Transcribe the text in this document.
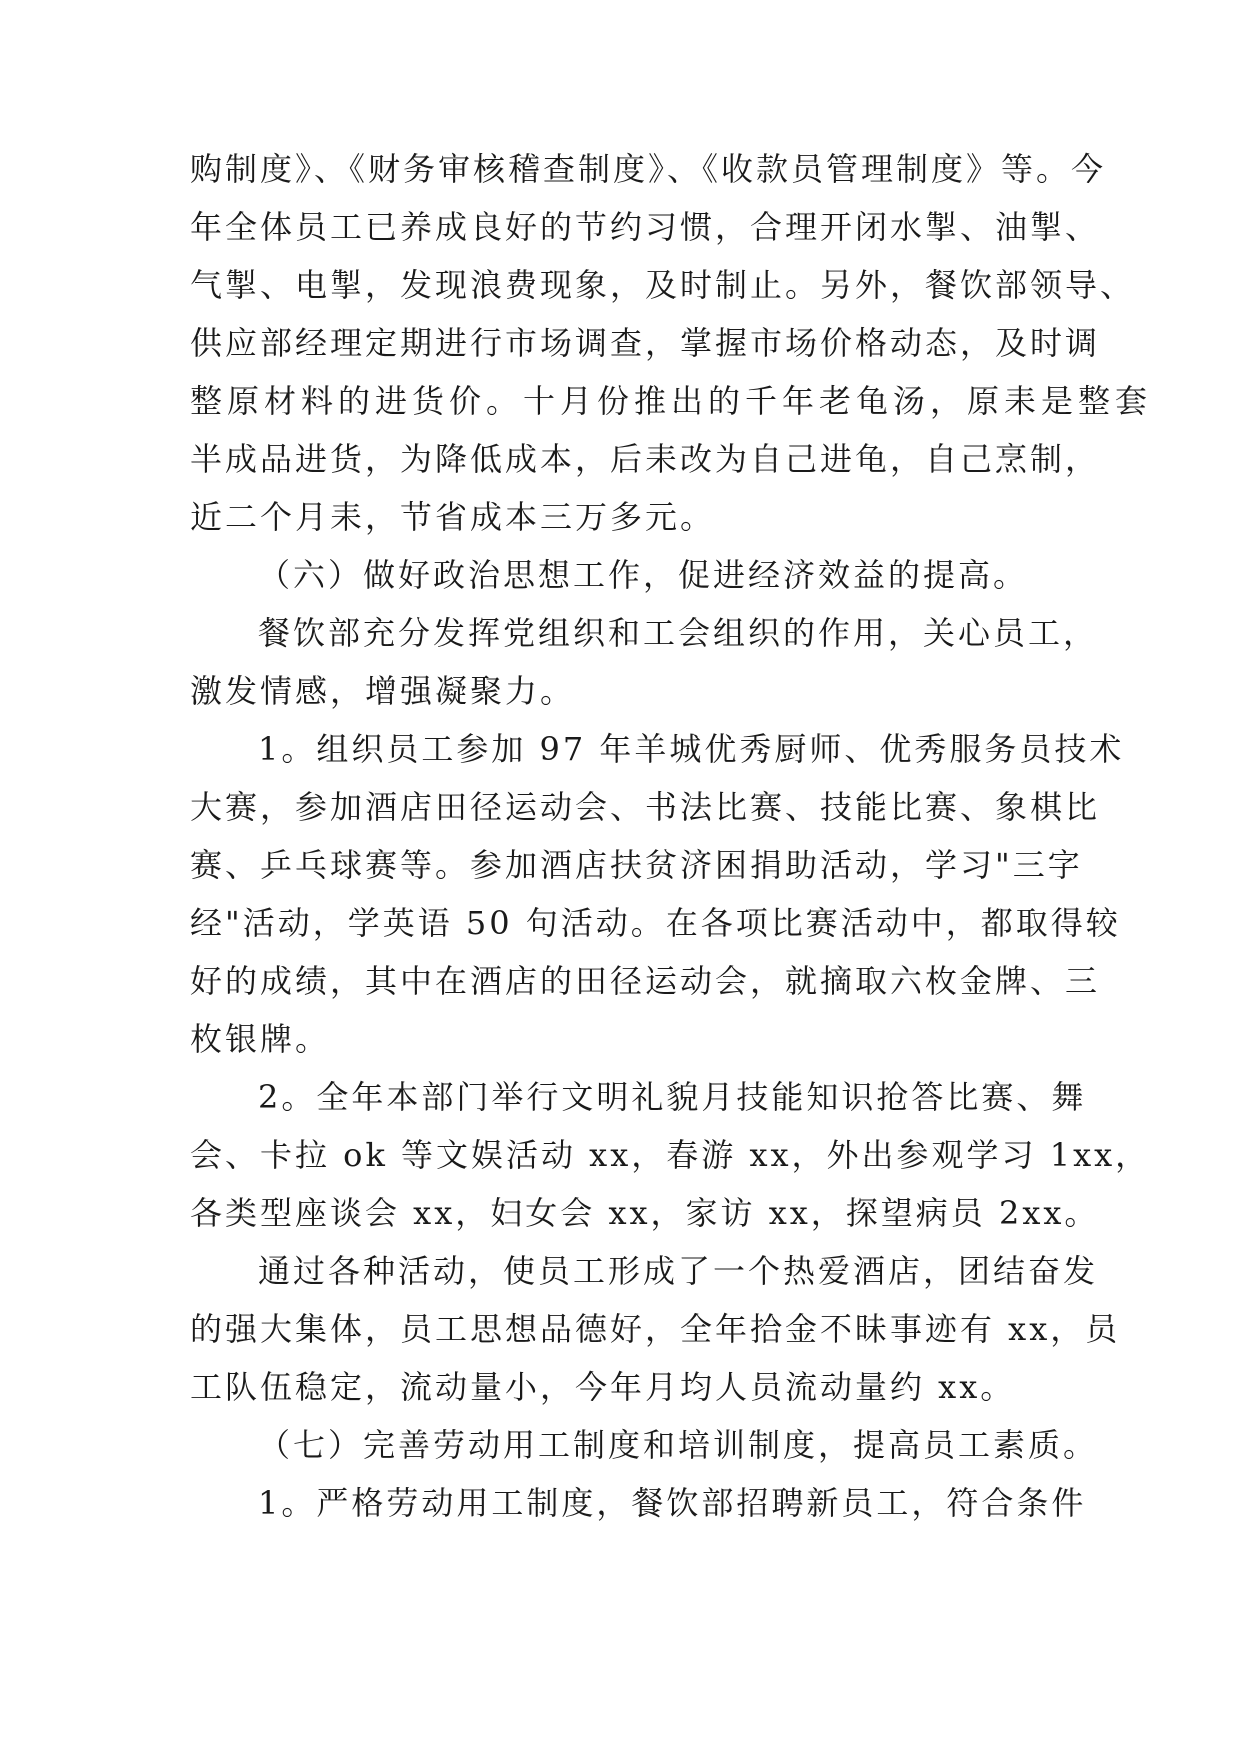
购制度》、《财务审核稽查制度》、《收款员管理制度》等。今
年全体员工已养成良好的节约习惯，合理开闭水掣、油掣、
气掣、电掣，发现浪费现象，及时制止。另外，餐饮部领导、
供应部经理定期进行市场调查，掌握市场价格动态，及时调
整原材料的进货价。十月份推出的千年老龟汤，原耒是整套
半成品进货，为降低成本，后耒改为自己进龟，自己烹制，
近二个月耒，节省成本三万多元。
（六）做好政治思想工作，促进经济效益的提高。
餐饮部充分发挥党组织和工会组织的作用，关心员工，
激发情感，增强凝聚力。
1。组织员工参加 97 年羊城优秀厨师、优秀服务员技术
大赛，参加酒店田径运动会、书法比赛、技能比赛、象棋比
赛、乒乓球赛等。参加酒店扶贫济困捐助活动，学习"三字
经"活动，学英语 50 句活动。在各项比赛活动中，都取得较
好的成绩，其中在酒店的田径运动会，就摘取六枚金牌、三
枚银牌。
2。全年本部门举行文明礼貌月技能知识抢答比赛、舞
会、卡拉 ok 等文娱活动 xx，春游 xx，外出参观学习 1xx，
各类型座谈会 xx，妇女会 xx，家访 xx，探望病员 2xx。
通过各种活动，使员工形成了一个热爱酒店，团结奋发
的强大集体，员工思想品德好，全年拾金不昧事迹有 xx，员
工队伍稳定，流动量小，今年月均人员流动量约 xx。
（七）完善劳动用工制度和培训制度，提高员工素质。
1。严格劳动用工制度，餐饮部招聘新员工，符合条件
